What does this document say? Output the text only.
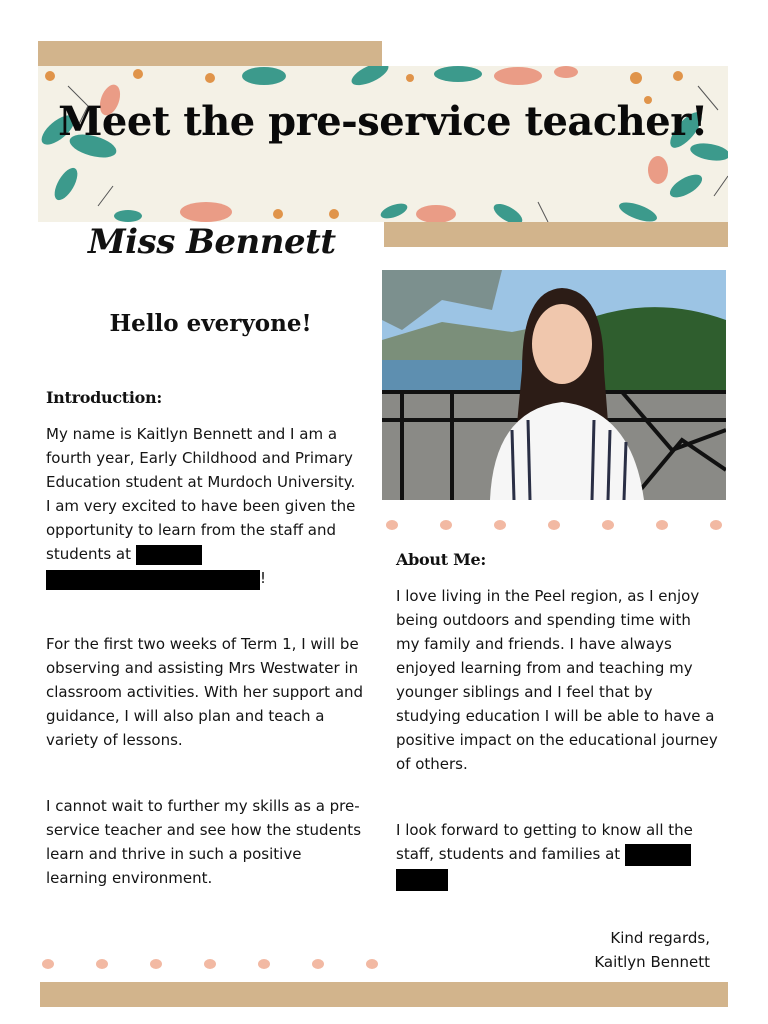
Meet the pre-service teacher!
Miss Bennett
Hello everyone!
Introduction:
My name is Kaitlyn Bennett and I am a fourth year, Early Childhood and Primary Education student at Murdoch University. I am very excited to have been given the opportunity to learn from the staff and students at  !
For the first two weeks of Term 1, I will be observing and assisting Mrs Westwater in classroom activities. With her support and guidance, I will also plan and teach a variety of lessons.
I cannot wait to further my skills as a pre-service teacher and see how the students learn and thrive in such a positive learning environment.
About Me:
I love living in the Peel region, as I enjoy being outdoors and spending time with my family and friends. I have always enjoyed learning from and teaching my younger siblings and I feel that by studying education I will be able to have a positive impact on the educational journey of others.
I look forward to getting to know all the staff, students and families at
Kind regards,
Kaitlyn Bennett
